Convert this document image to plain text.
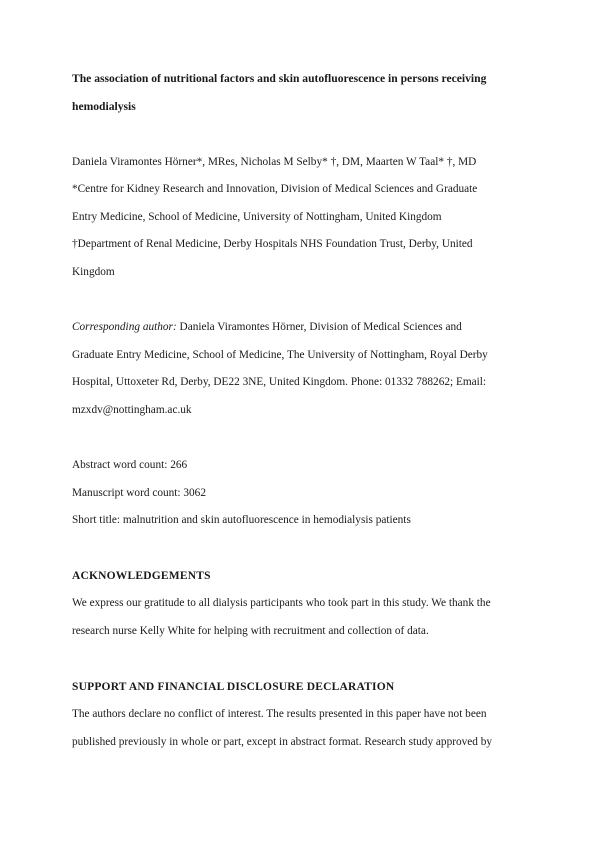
The association of nutritional factors and skin autofluorescence in persons receiving
hemodialysis
Daniela Viramontes Hörner*, MRes, Nicholas M Selby* †, DM, Maarten W Taal* †, MD
*Centre for Kidney Research and Innovation, Division of Medical Sciences and Graduate
Entry Medicine, School of Medicine, University of Nottingham, United Kingdom
†Department of Renal Medicine, Derby Hospitals NHS Foundation Trust, Derby, United
Kingdom
Corresponding author: Daniela Viramontes Hörner, Division of Medical Sciences and
Graduate Entry Medicine, School of Medicine, The University of Nottingham, Royal Derby
Hospital, Uttoxeter Rd, Derby, DE22 3NE, United Kingdom. Phone: 01332 788262; Email:
mzxdv@nottingham.ac.uk
Abstract word count: 266
Manuscript word count: 3062
Short title: malnutrition and skin autofluorescence in hemodialysis patients
ACKNOWLEDGEMENTS
We express our gratitude to all dialysis participants who took part in this study. We thank the
research nurse Kelly White for helping with recruitment and collection of data.
SUPPORT AND FINANCIAL DISCLOSURE DECLARATION
The authors declare no conflict of interest. The results presented in this paper have not been
published previously in whole or part, except in abstract format. Research study approved by
